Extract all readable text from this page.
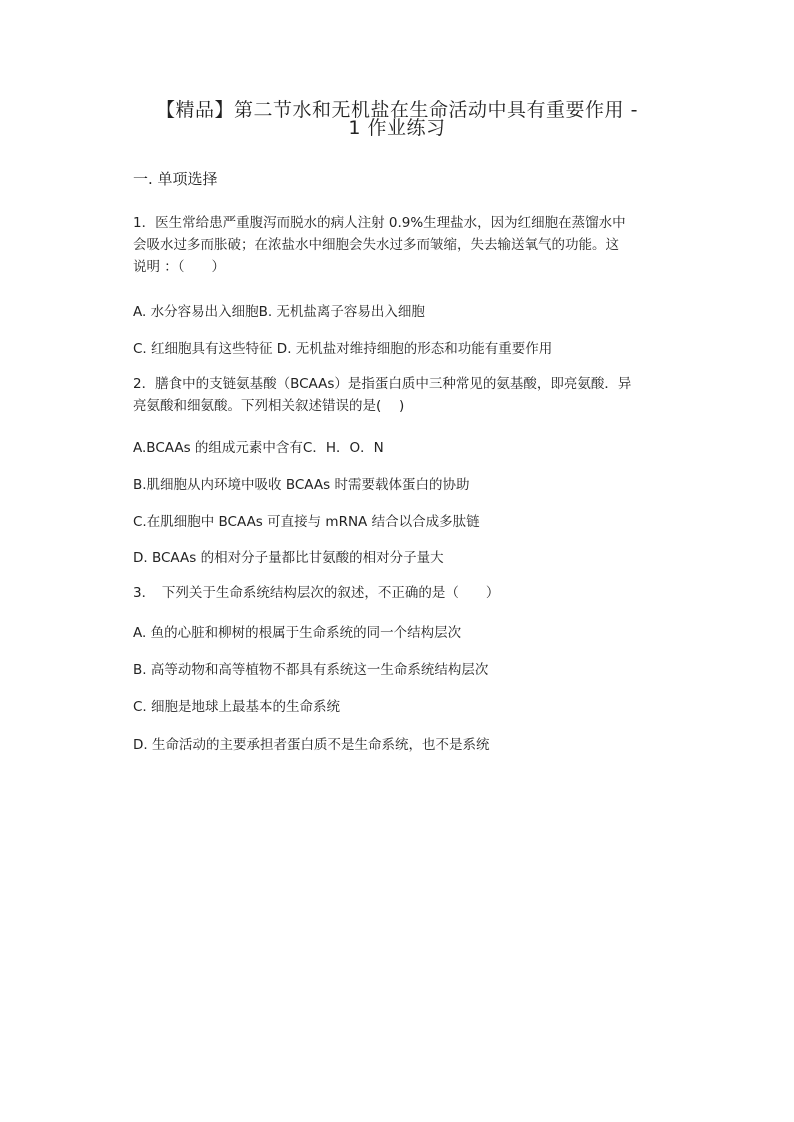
【精品】第二节水和无机盐在生命活动中具有重要作用 -
1 作业练习
一. 单项选择
1．医生常给患严重腹泻而脱水的病人注射 0.9%生理盐水，因为红细胞在蒸馏水中
会吸水过多而胀破；在浓盐水中细胞会失水过多而皱缩，失去输送氧气的功能。这
说明 ：（　　）
A. 水分容易出入细胞B. 无机盐离子容易出入细胞
C. 红细胞具有这些特征 D. 无机盐对维持细胞的形态和功能有重要作用
2．膳食中的支链氨基酸（BCAAs）是指蛋白质中三种常见的氨基酸，即亮氨酸．异
亮氨酸和细氨酸。下列相关叙述错误的是(　 )
A.BCAAs 的组成元素中含有C．H．O．N
B.肌细胞从内环境中吸收 BCAAs 时需要载体蛋白的协助
C.在肌细胞中 BCAAs 可直接与 mRNA 结合以合成多肽链
D. BCAAs 的相对分子量都比甘氨酸的相对分子量大
3．　下列关于生命系统结构层次的叙述，不正确的是（　　）
A. 鱼的心脏和柳树的根属于生命系统的同一个结构层次
B. 高等动物和高等植物不都具有系统这一生命系统结构层次
C. 细胞是地球上最基本的生命系统
D. 生命活动的主要承担者蛋白质不是生命系统，也不是系统
